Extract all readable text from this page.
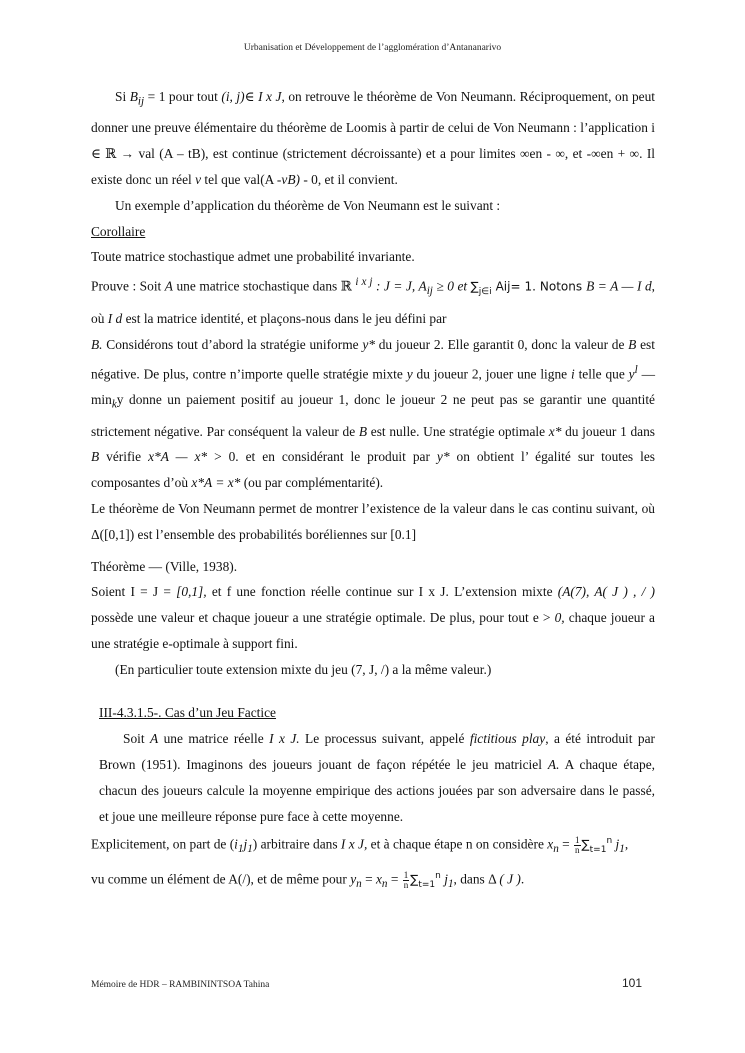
Urbanisation et Développement de l’agglomération d’Antananarivo

Si $B_{ij} = 1$ pour tout (i, j)∈ I x J, on retrouve le théorème de Von Neumann. Réciproquement, on peut donner une preuve élémentaire du théorème de Loomis à partir de celui de Von Neumann : l’application i ∈ ℝ → val (A – tB), est continue (strictement décroissante) et a pour limites ∞en - ∞, et -∞en + ∞. Il existe donc un réel v tel que val(A -vB) - 0, et il convient.

Un exemple d’application du théorème de Von Neumann est le suivant :

Corollaire

Toute matrice stochastique admet une probabilité invariante.

Prouve : Soit A une matrice stochastique dans ℝ $^{i x j}$ : J = J, $A_{ij} \ge 0$ et $\sum_{j\in i}$ Aij= 1. Notons B = A — I d, où I d est la matrice identité, et plaçons-nous dans le jeu défini par

B. Considérons tout d’abord la stratégie uniforme y* du joueur 2. Elle garantit 0, donc la valeur de B est négative. De plus, contre n’importe quelle stratégie mixte y du joueur 2, jouer une ligne i telle que $y^l$ — $\min_ky$ donne un paiement positif au joueur 1, donc le joueur 2 ne peut pas se garantir une quantité strictement négative. Par conséquent la valeur de B est nulle. Une stratégie optimale x* du joueur 1 dans B vérifie x*A — x* > 0. et en considérant le produit par y* on obtient l’ égalité sur toutes les composantes d’où x*A = x* (ou par complémentarité).

Le théorème de Von Neumann permet de montrer l’existence de la valeur dans le cas continu suivant, où Δ([0,1]) est l’ensemble des probabilités boréliennes sur [0.1]

Théorème — (Ville, 1938).

Soient I = J = [0,1], et f une fonction réelle continue sur I x J. L’extension mixte (A(7), A( J ) , / ) possède une valeur et chaque joueur a une stratégie optimale. De plus, pour tout e > 0, chaque joueur a une stratégie e-optimale à support fini.

(En particulier toute extension mixte du jeu (7, J, /) a la même valeur.)

III-4.3.1.5-. Cas d’un Jeu Factice

Soit A une matrice réelle I x J. Le processus suivant, appelé fictitious play, a été introduit par Brown (1951). Imaginons des joueurs jouant de façon répétée le jeu matriciel A. A chaque étape, chacun des joueurs calcule la moyenne empirique des actions jouées par son adversaire dans le passé, et joue une meilleure réponse pure face à cette moyenne.

Explicitement, on part de $(i_1j_1)$ arbitraire dans I x J, et à chaque étape n on considère $x_n = \frac{1}{n} \sum_{t=1}^n$ $j_1$,

vu comme un élément de A(/), et de même pour $y_n = x_n = \frac{1}{n} \sum_{t=1}^n$ $j_1$, dans Δ ( J ).

Mémoire de HDR – RAMBININTSOA Tahina	101
